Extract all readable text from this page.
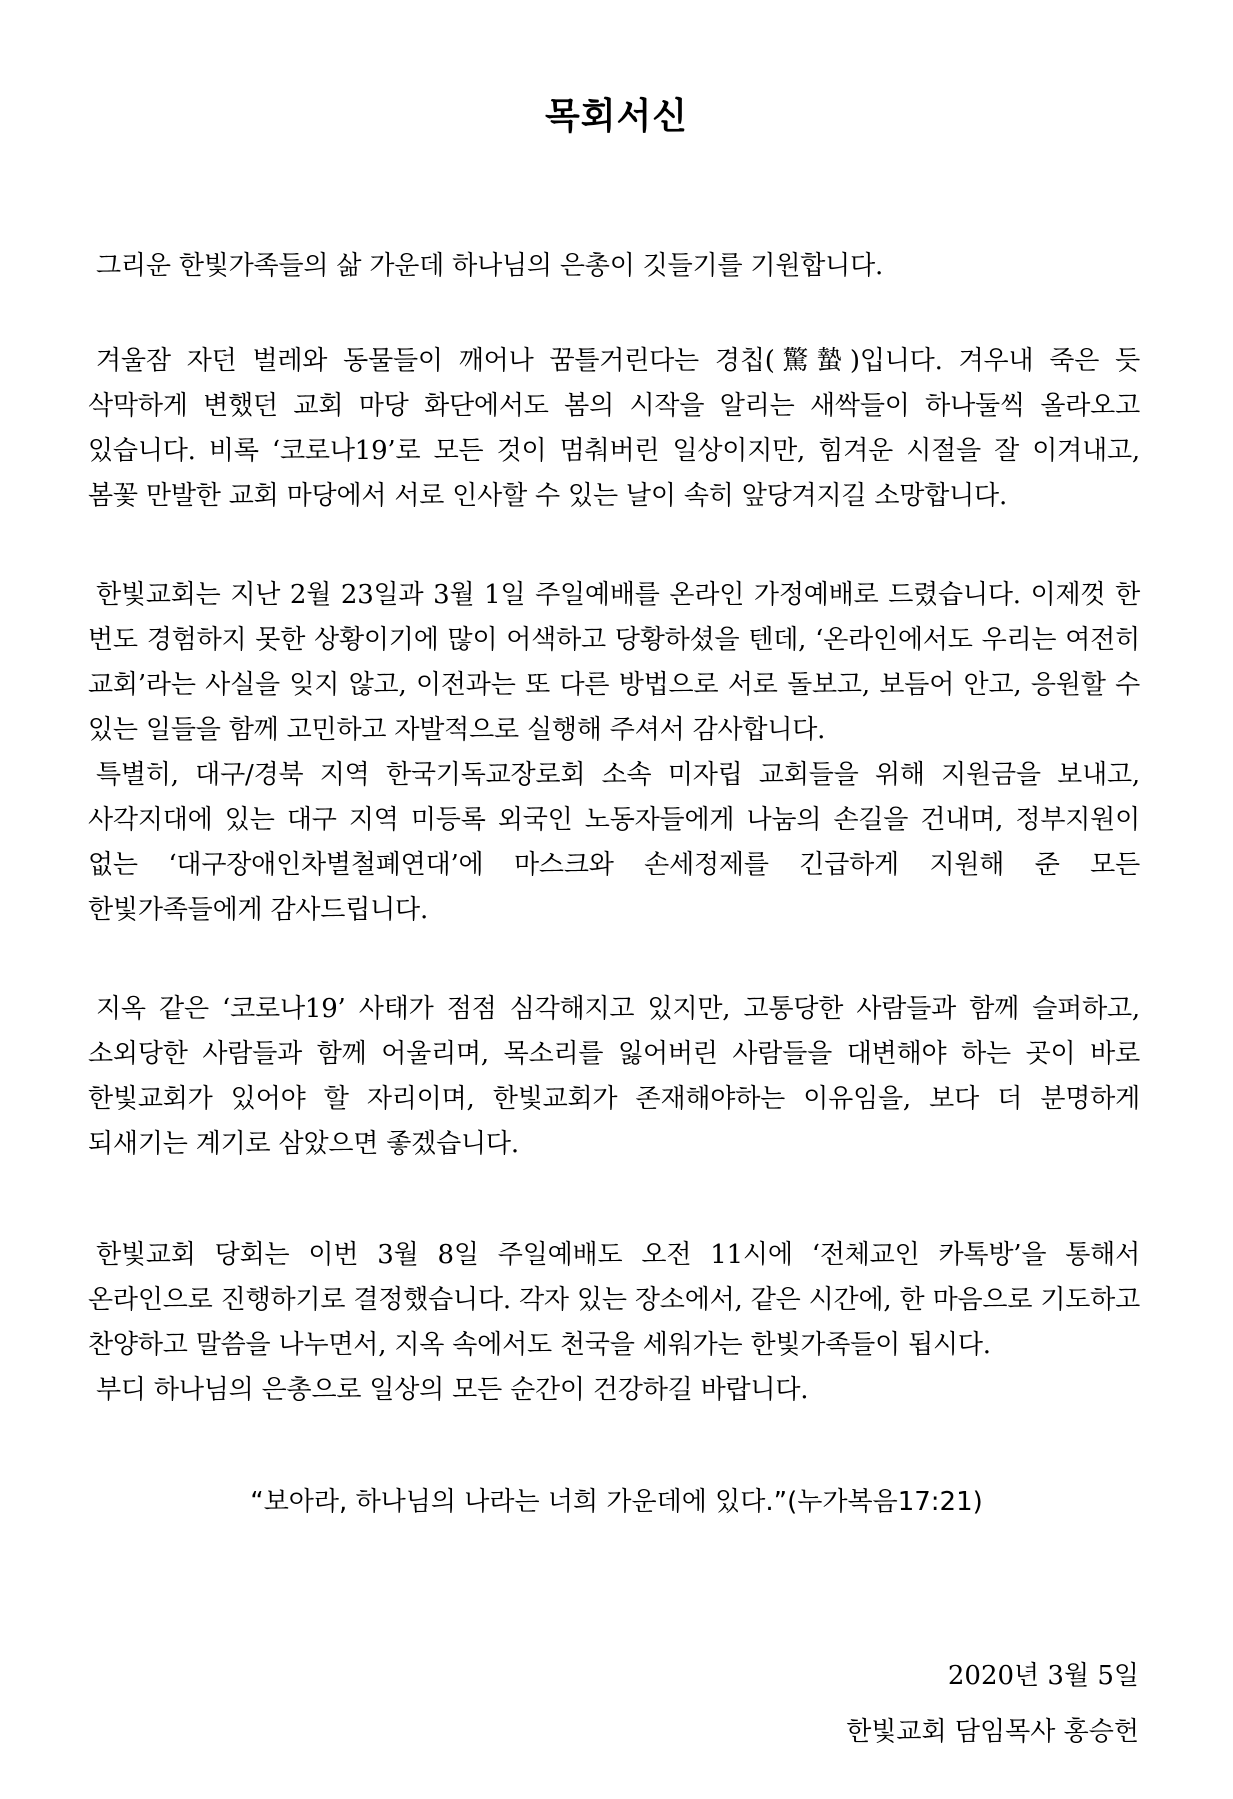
목회서신

그리운 한빛가족들의 삶 가운데 하나님의 은총이 깃들기를 기원합니다.

겨울잠 자던 벌레와 동물들이 깨어나 꿈틀거린다는 경칩(驚蟄)입니다. 겨우내 죽은 듯 삭막하게 변했던 교회 마당 화단에서도 봄의 시작을 알리는 새싹들이 하나둘씩 올라오고 있습니다. 비록 ‘코로나19’로 모든 것이 멈춰버린 일상이지만, 힘겨운 시절을 잘 이겨내고, 봄꽃 만발한 교회 마당에서 서로 인사할 수 있는 날이 속히 앞당겨지길 소망합니다.

한빛교회는 지난 2월 23일과 3월 1일 주일예배를 온라인 가정예배로 드렸습니다. 이제껏 한 번도 경험하지 못한 상황이기에 많이 어색하고 당황하셨을 텐데, ‘온라인에서도 우리는 여전히 교회’라는 사실을 잊지 않고, 이전과는 또 다른 방법으로 서로 돌보고, 보듬어 안고, 응원할 수 있는 일들을 함께 고민하고 자발적으로 실행해 주셔서 감사합니다.

특별히, 대구/경북 지역 한국기독교장로회 소속 미자립 교회들을 위해 지원금을 보내고, 사각지대에 있는 대구 지역 미등록 외국인 노동자들에게 나눔의 손길을 건내며, 정부지원이 없는 ‘대구장애인차별철폐연대’에 마스크와 손세정제를 긴급하게 지원해 준 모든 한빛가족들에게 감사드립니다.

지옥 같은 ‘코로나19’ 사태가 점점 심각해지고 있지만, 고통당한 사람들과 함께 슬퍼하고, 소외당한 사람들과 함께 어울리며, 목소리를 잃어버린 사람들을 대변해야 하는 곳이 바로 한빛교회가 있어야 할 자리이며, 한빛교회가 존재해야하는 이유임을, 보다 더 분명하게 되새기는 계기로 삼았으면 좋겠습니다.

한빛교회 당회는 이번 3월 8일 주일예배도 오전 11시에 ‘전체교인 카톡방’을 통해서 온라인으로 진행하기로 결정했습니다. 각자 있는 장소에서, 같은 시간에, 한 마음으로 기도하고 찬양하고 말씀을 나누면서, 지옥 속에서도 천국을 세워가는 한빛가족들이 됩시다.

부디 하나님의 은총으로 일상의 모든 순간이 건강하길 바랍니다.

“보아라, 하나님의 나라는 너희 가운데에 있다.”(누가복음17:21)
2020년 3월 5일
한빛교회 담임목사 홍승헌
